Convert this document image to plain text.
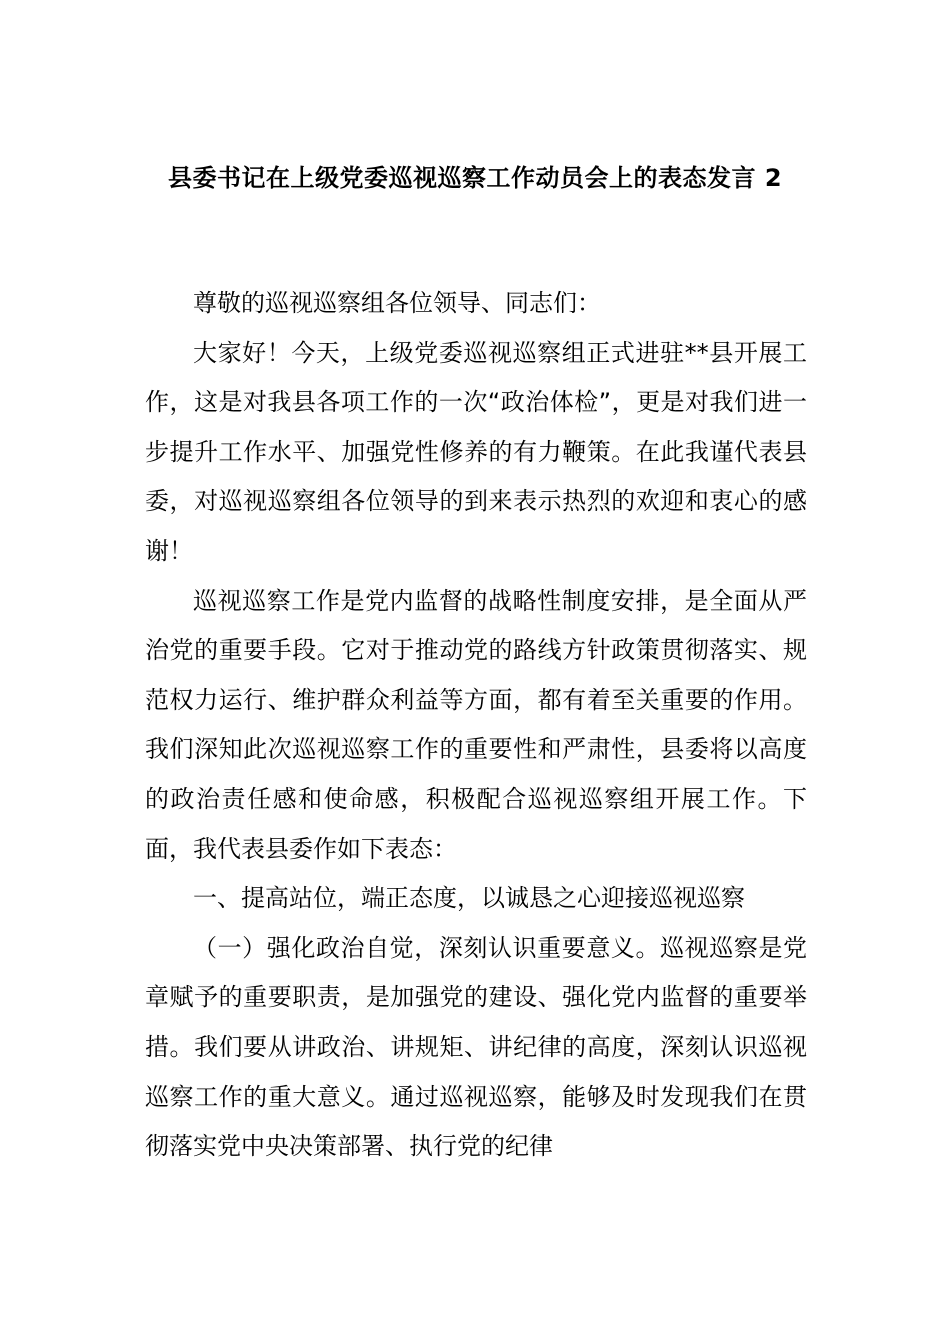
县委书记在上级党委巡视巡察工作动员会上的表态发言 2

尊敬的巡视巡察组各位领导、同志们：

大家好！今天，上级党委巡视巡察组正式进驻**县开展工作，这是对我县各项工作的一次“政治体检”，更是对我们进一步提升工作水平、加强党性修养的有力鞭策。在此我谨代表县委，对巡视巡察组各位领导的到来表示热烈的欢迎和衷心的感谢！

巡视巡察工作是党内监督的战略性制度安排，是全面从严治党的重要手段。它对于推动党的路线方针政策贯彻落实、规范权力运行、维护群众利益等方面，都有着至关重要的作用。我们深知此次巡视巡察工作的重要性和严肃性，县委将以高度的政治责任感和使命感，积极配合巡视巡察组开展工作。下面，我代表县委作如下表态：

一、提高站位，端正态度，以诚恳之心迎接巡视巡察

（一）强化政治自觉，深刻认识重要意义。巡视巡察是党章赋予的重要职责，是加强党的建设、强化党内监督的重要举措。我们要从讲政治、讲规矩、讲纪律的高度，深刻认识巡视巡察工作的重大意义。通过巡视巡察，能够及时发现我们在贯彻落实党中央决策部署、执行党的纪律
